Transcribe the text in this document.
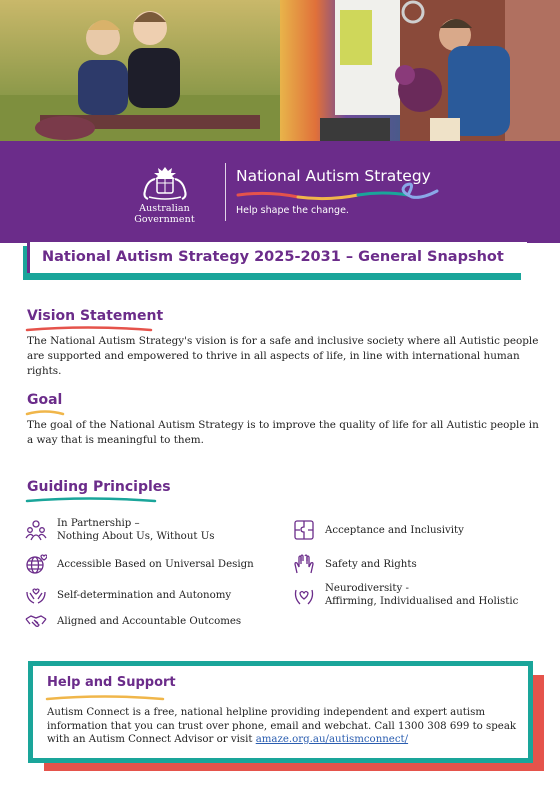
Australian Government
National Autism Strategy
Help shape the change.
National Autism Strategy 2025-2031 – General Snapshot
Vision Statement
The National Autism Strategy's vision is for a safe and inclusive society where all Autistic people are supported and empowered to thrive in all aspects of life, in line with international human rights.
Goal
The goal of the National Autism Strategy is to improve the quality of life for all Autistic people in a way that is meaningful to them.
Guiding Principles
In Partnership –
Nothing About Us, Without Us
Accessible Based on Universal Design
Self-determination and Autonomy
Aligned and Accountable Outcomes
Acceptance and Inclusivity
Safety and Rights
Neurodiversity -
Affirming, Individualised and Holistic
Help and Support
Autism Connect is a free, national helpline providing independent and expert autism information that you can trust over phone, email and webchat. Call 1300 308 699 to speak with an Autism Connect Advisor or visit amaze.org.au/autismconnect/
